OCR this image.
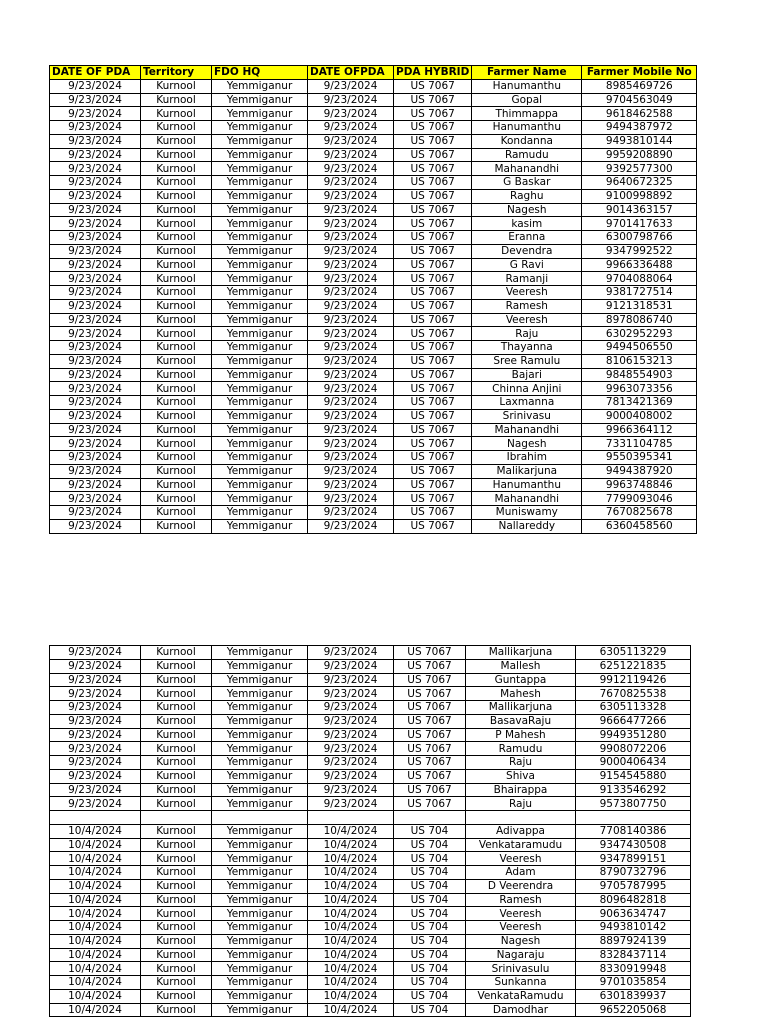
DATE OF PDA	Territory	FDO HQ	DATE OFPDA	PDA HYBRID	Farmer Name	Farmer Mobile No
9/23/2024	Kurnool	Yemmiganur	9/23/2024	US 7067	Hanumanthu	8985469726
9/23/2024	Kurnool	Yemmiganur	9/23/2024	US 7067	Gopal	9704563049
9/23/2024	Kurnool	Yemmiganur	9/23/2024	US 7067	Thimmappa	9618462588
9/23/2024	Kurnool	Yemmiganur	9/23/2024	US 7067	Hanumanthu	9494387972
9/23/2024	Kurnool	Yemmiganur	9/23/2024	US 7067	Kondanna	9493810144
9/23/2024	Kurnool	Yemmiganur	9/23/2024	US 7067	Ramudu	9959208890
9/23/2024	Kurnool	Yemmiganur	9/23/2024	US 7067	Mahanandhi	9392577300
9/23/2024	Kurnool	Yemmiganur	9/23/2024	US 7067	G Baskar	9640672325
9/23/2024	Kurnool	Yemmiganur	9/23/2024	US 7067	Raghu	9100998892
9/23/2024	Kurnool	Yemmiganur	9/23/2024	US 7067	Nagesh	9014363157
9/23/2024	Kurnool	Yemmiganur	9/23/2024	US 7067	kasim	9701417633
9/23/2024	Kurnool	Yemmiganur	9/23/2024	US 7067	Eranna	6300798766
9/23/2024	Kurnool	Yemmiganur	9/23/2024	US 7067	Devendra	9347992522
9/23/2024	Kurnool	Yemmiganur	9/23/2024	US 7067	G Ravi	9966336488
9/23/2024	Kurnool	Yemmiganur	9/23/2024	US 7067	Ramanji	9704088064
9/23/2024	Kurnool	Yemmiganur	9/23/2024	US 7067	Veeresh	9381727514
9/23/2024	Kurnool	Yemmiganur	9/23/2024	US 7067	Ramesh	9121318531
9/23/2024	Kurnool	Yemmiganur	9/23/2024	US 7067	Veeresh	8978086740
9/23/2024	Kurnool	Yemmiganur	9/23/2024	US 7067	Raju	6302952293
9/23/2024	Kurnool	Yemmiganur	9/23/2024	US 7067	Thayanna	9494506550
9/23/2024	Kurnool	Yemmiganur	9/23/2024	US 7067	Sree Ramulu	8106153213
9/23/2024	Kurnool	Yemmiganur	9/23/2024	US 7067	Bajari	9848554903
9/23/2024	Kurnool	Yemmiganur	9/23/2024	US 7067	Chinna Anjini	9963073356
9/23/2024	Kurnool	Yemmiganur	9/23/2024	US 7067	Laxmanna	7813421369
9/23/2024	Kurnool	Yemmiganur	9/23/2024	US 7067	Srinivasu	9000408002
9/23/2024	Kurnool	Yemmiganur	9/23/2024	US 7067	Mahanandhi	9966364112
9/23/2024	Kurnool	Yemmiganur	9/23/2024	US 7067	Nagesh	7331104785
9/23/2024	Kurnool	Yemmiganur	9/23/2024	US 7067	Ibrahim	9550395341
9/23/2024	Kurnool	Yemmiganur	9/23/2024	US 7067	Malikarjuna	9494387920
9/23/2024	Kurnool	Yemmiganur	9/23/2024	US 7067	Hanumanthu	9963748846
9/23/2024	Kurnool	Yemmiganur	9/23/2024	US 7067	Mahanandhi	7799093046
9/23/2024	Kurnool	Yemmiganur	9/23/2024	US 7067	Muniswamy	7670825678
9/23/2024	Kurnool	Yemmiganur	9/23/2024	US 7067	Nallareddy	6360458560
9/23/2024	Kurnool	Yemmiganur	9/23/2024	US 7067	Mallikarjuna	6305113229
9/23/2024	Kurnool	Yemmiganur	9/23/2024	US 7067	Mallesh	6251221835
9/23/2024	Kurnool	Yemmiganur	9/23/2024	US 7067	Guntappa	9912119426
9/23/2024	Kurnool	Yemmiganur	9/23/2024	US 7067	Mahesh	7670825538
9/23/2024	Kurnool	Yemmiganur	9/23/2024	US 7067	Mallikarjuna	6305113328
9/23/2024	Kurnool	Yemmiganur	9/23/2024	US 7067	BasavaRaju	9666477266
9/23/2024	Kurnool	Yemmiganur	9/23/2024	US 7067	P Mahesh	9949351280
9/23/2024	Kurnool	Yemmiganur	9/23/2024	US 7067	Ramudu	9908072206
9/23/2024	Kurnool	Yemmiganur	9/23/2024	US 7067	Raju	9000406434
9/23/2024	Kurnool	Yemmiganur	9/23/2024	US 7067	Shiva	9154545880
9/23/2024	Kurnool	Yemmiganur	9/23/2024	US 7067	Bhairappa	9133546292
9/23/2024	Kurnool	Yemmiganur	9/23/2024	US 7067	Raju	9573807750

10/4/2024	Kurnool	Yemmiganur	10/4/2024	US 704	Adivappa	7708140386
10/4/2024	Kurnool	Yemmiganur	10/4/2024	US 704	Venkataramudu	9347430508
10/4/2024	Kurnool	Yemmiganur	10/4/2024	US 704	Veeresh	9347899151
10/4/2024	Kurnool	Yemmiganur	10/4/2024	US 704	Adam	8790732796
10/4/2024	Kurnool	Yemmiganur	10/4/2024	US 704	D Veerendra	9705787995
10/4/2024	Kurnool	Yemmiganur	10/4/2024	US 704	Ramesh	8096482818
10/4/2024	Kurnool	Yemmiganur	10/4/2024	US 704	Veeresh	9063634747
10/4/2024	Kurnool	Yemmiganur	10/4/2024	US 704	Veeresh	9493810142
10/4/2024	Kurnool	Yemmiganur	10/4/2024	US 704	Nagesh	8897924139
10/4/2024	Kurnool	Yemmiganur	10/4/2024	US 704	Nagaraju	8328437114
10/4/2024	Kurnool	Yemmiganur	10/4/2024	US 704	Srinivasulu	8330919948
10/4/2024	Kurnool	Yemmiganur	10/4/2024	US 704	Sunkanna	9701035854
10/4/2024	Kurnool	Yemmiganur	10/4/2024	US 704	VenkataRamudu	6301839937
10/4/2024	Kurnool	Yemmiganur	10/4/2024	US 704	Damodhar	9652205068
